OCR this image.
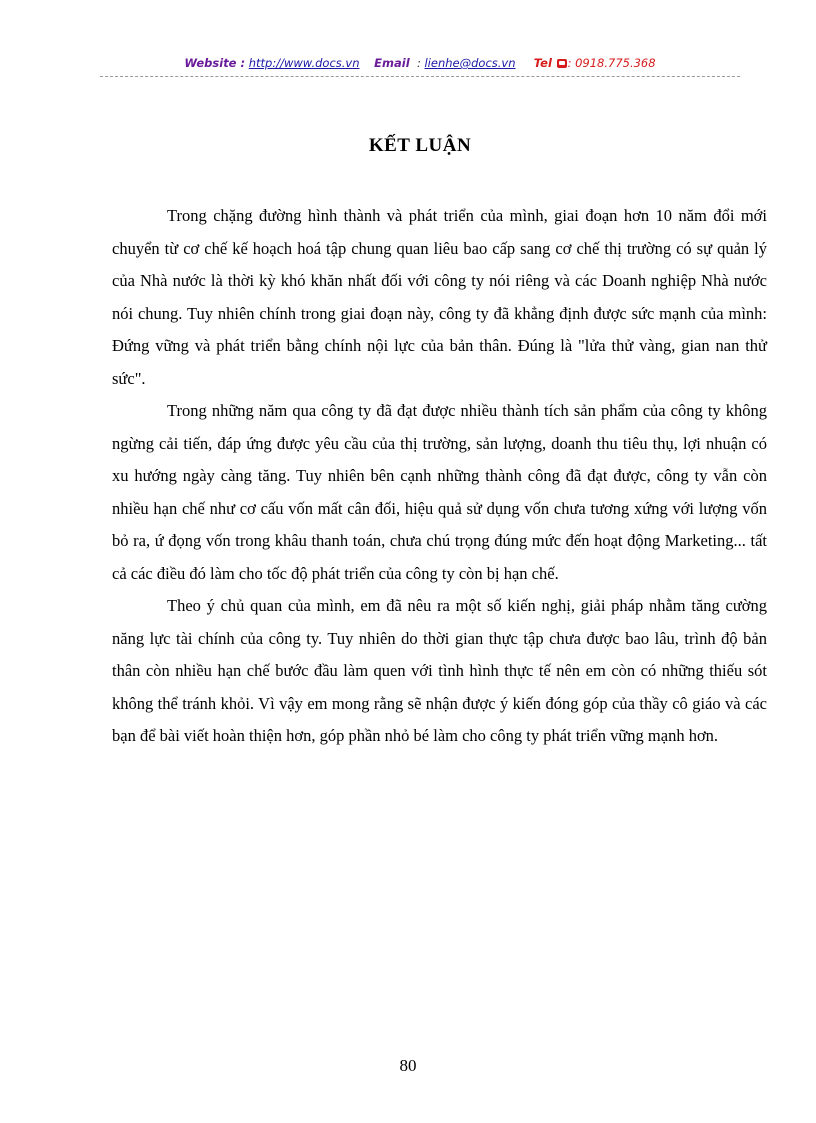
Website : http://www.docs.vn Email : lienhe@docs.vn Tel : 0918.775.368
KẾT LUẬN

Trong chặng đường hình thành và phát triển của mình, giai đoạn hơn 10 năm đổi mới chuyển từ cơ chế kế hoạch hoá tập chung quan liêu bao cấp sang cơ chế thị trường có sự quản lý của Nhà nước là thời kỳ khó khăn nhất đối với công ty nói riêng và các Doanh nghiệp Nhà nước nói chung. Tuy nhiên chính trong giai đoạn này, công ty đã khẳng định được sức mạnh của mình: Đứng vững và phát triển bằng chính nội lực của bản thân. Đúng là "lửa thử vàng, gian nan thử sức".

Trong những năm qua công ty đã đạt được nhiều thành tích sản phẩm của công ty không ngừng cải tiến, đáp ứng được yêu cầu của thị trường, sản lượng, doanh thu tiêu thụ, lợi nhuận có xu hướng ngày càng tăng. Tuy nhiên bên cạnh những thành công đã đạt được, công ty vẫn còn nhiều hạn chế như cơ cấu vốn mất cân đối, hiệu quả sử dụng vốn chưa tương xứng với lượng vốn bỏ ra, ứ đọng vốn trong khâu thanh toán, chưa chú trọng đúng mức đến hoạt động Marketing... tất cả các điều đó làm cho tốc độ phát triển của công ty còn bị hạn chế.

Theo ý chủ quan của mình, em đã nêu ra một số kiến nghị, giải pháp nhằm tăng cường năng lực tài chính của công ty. Tuy nhiên do thời gian thực tập chưa được bao lâu, trình độ bản thân còn nhiều hạn chế bước đầu làm quen với tình hình thực tế nên em còn có những thiếu sót không thể tránh khỏi. Vì vậy em mong rằng sẽ nhận được ý kiến đóng góp của thầy cô giáo và các bạn để bài viết hoàn thiện hơn, góp phần nhỏ bé làm cho công ty phát triển vững mạnh hơn.

80
